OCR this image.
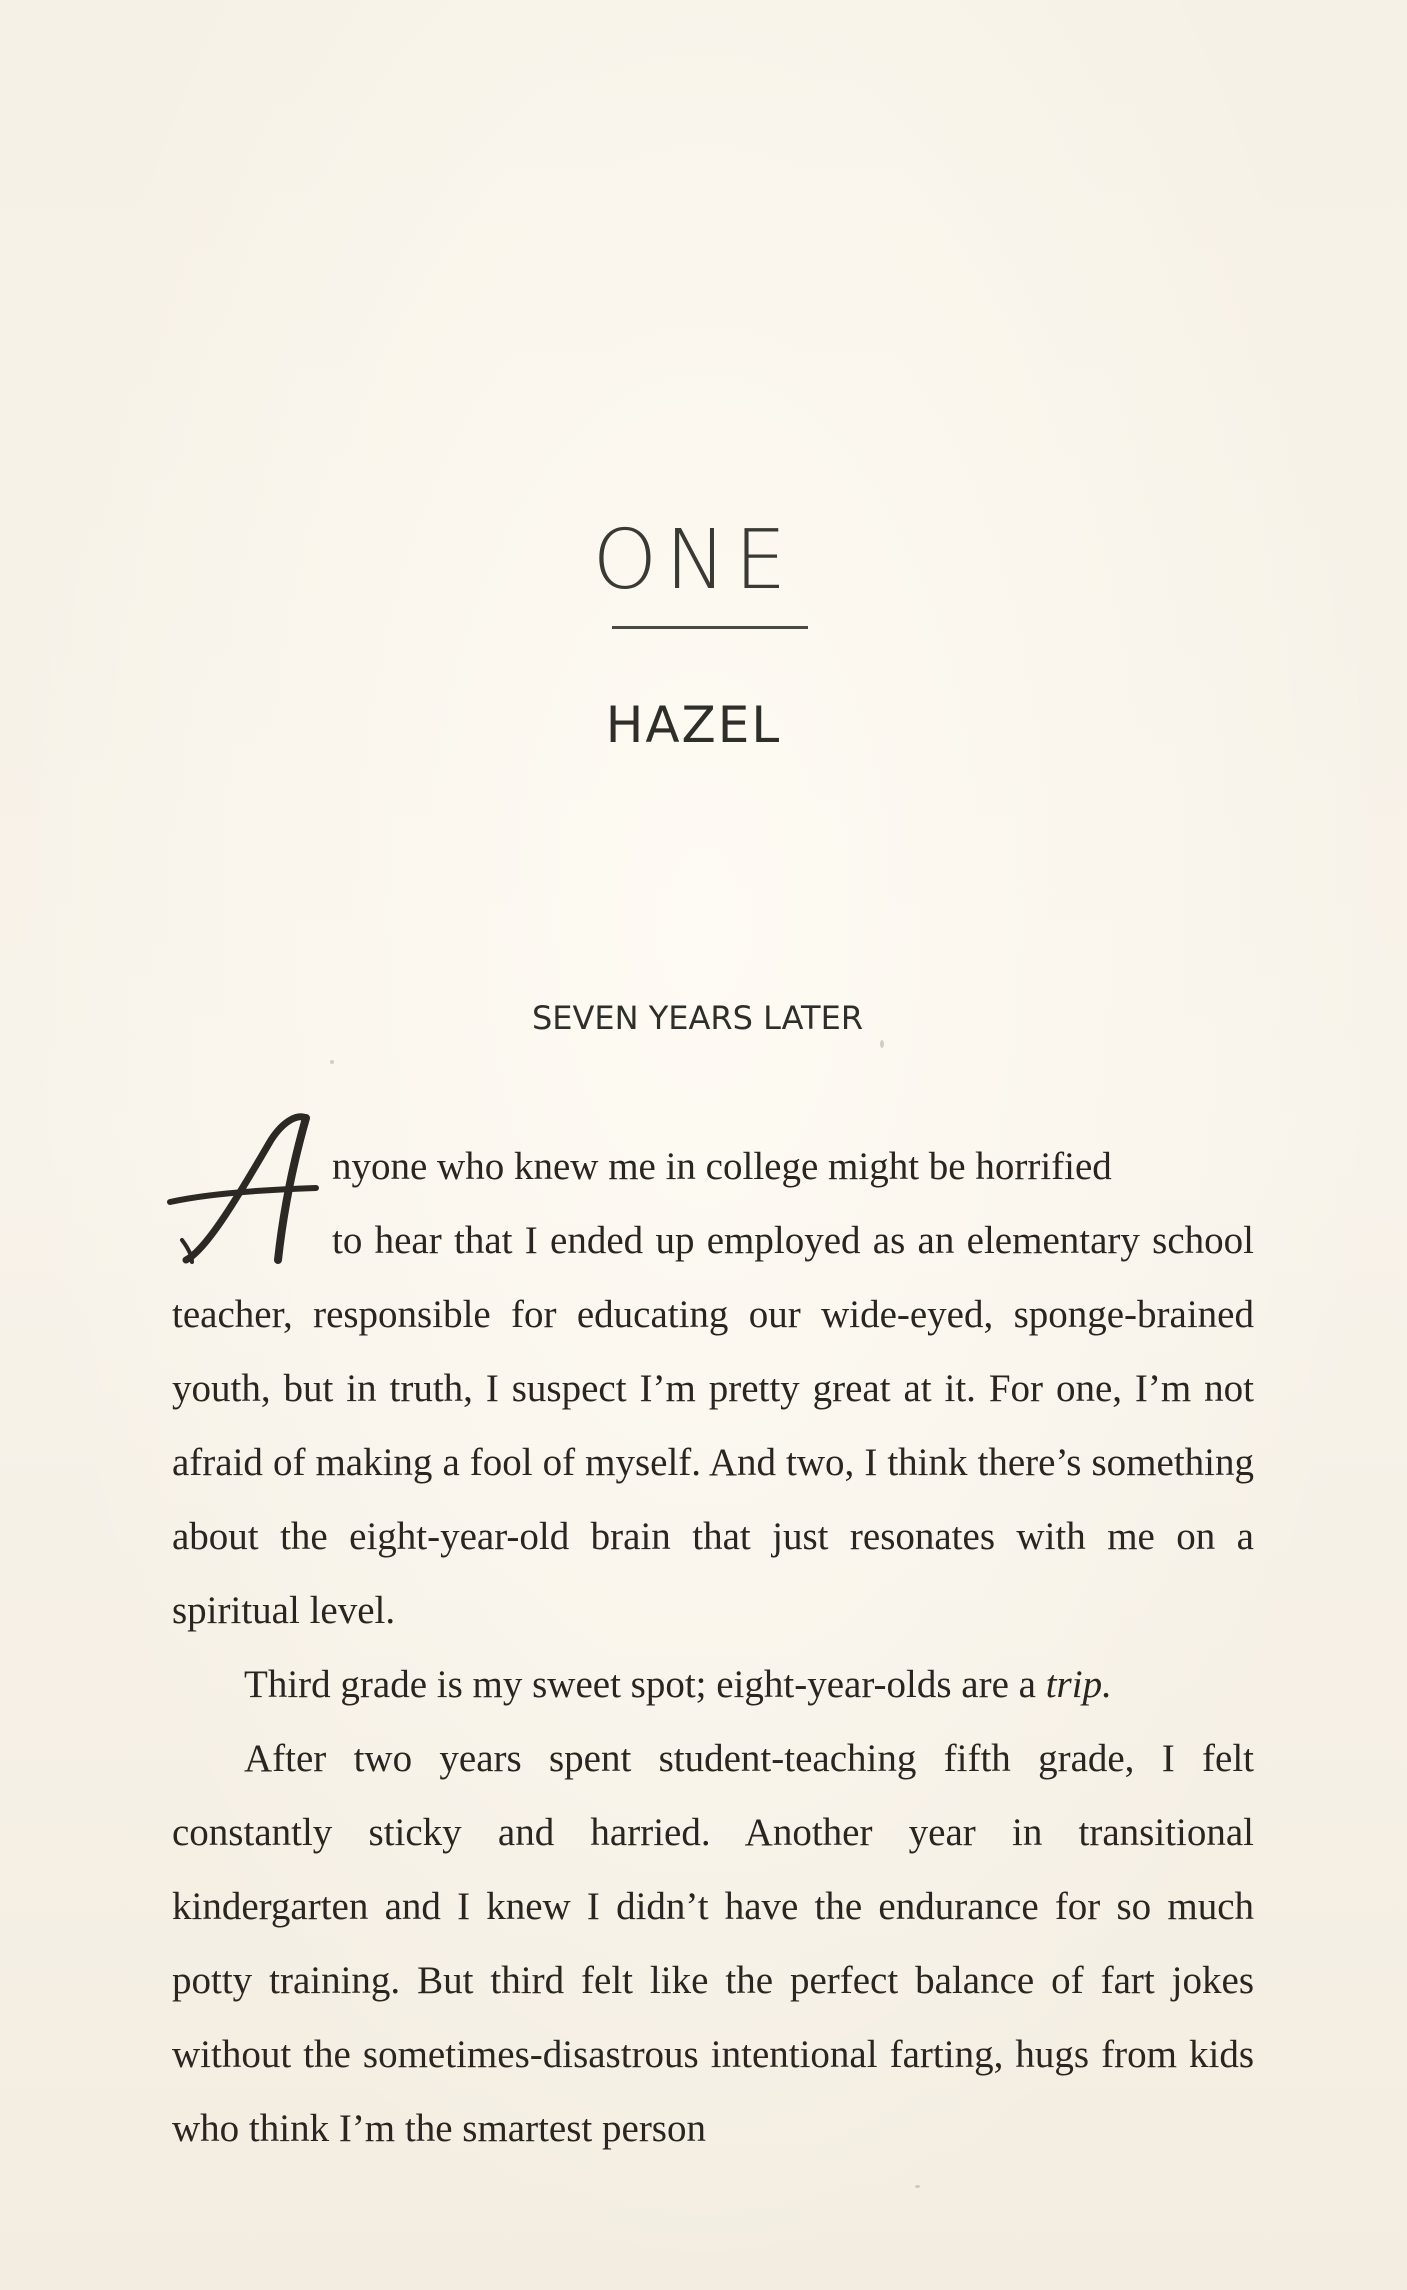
ONE
HAZEL
SEVEN YEARS LATER

nyone who knew me in college might be horrified
to hear that I ended up employed as an elementary school teacher, responsible for educating our wide-eyed, sponge-brained youth, but in truth, I suspect I’m pretty great at it. For one, I’m not afraid of making a fool of myself. And two, I think there’s something about the eight-year-old brain that just resonates with me on a spiritual level.

Third grade is my sweet spot; eight-year-olds are a trip.

After two years spent student-teaching fifth grade, I felt constantly sticky and harried. Another year in transitional kindergarten and I knew I didn’t have the endurance for so much potty training. But third felt like the perfect balance of fart jokes without the sometimes-disastrous intentional farting, hugs from kids who think I’m the smartest person
